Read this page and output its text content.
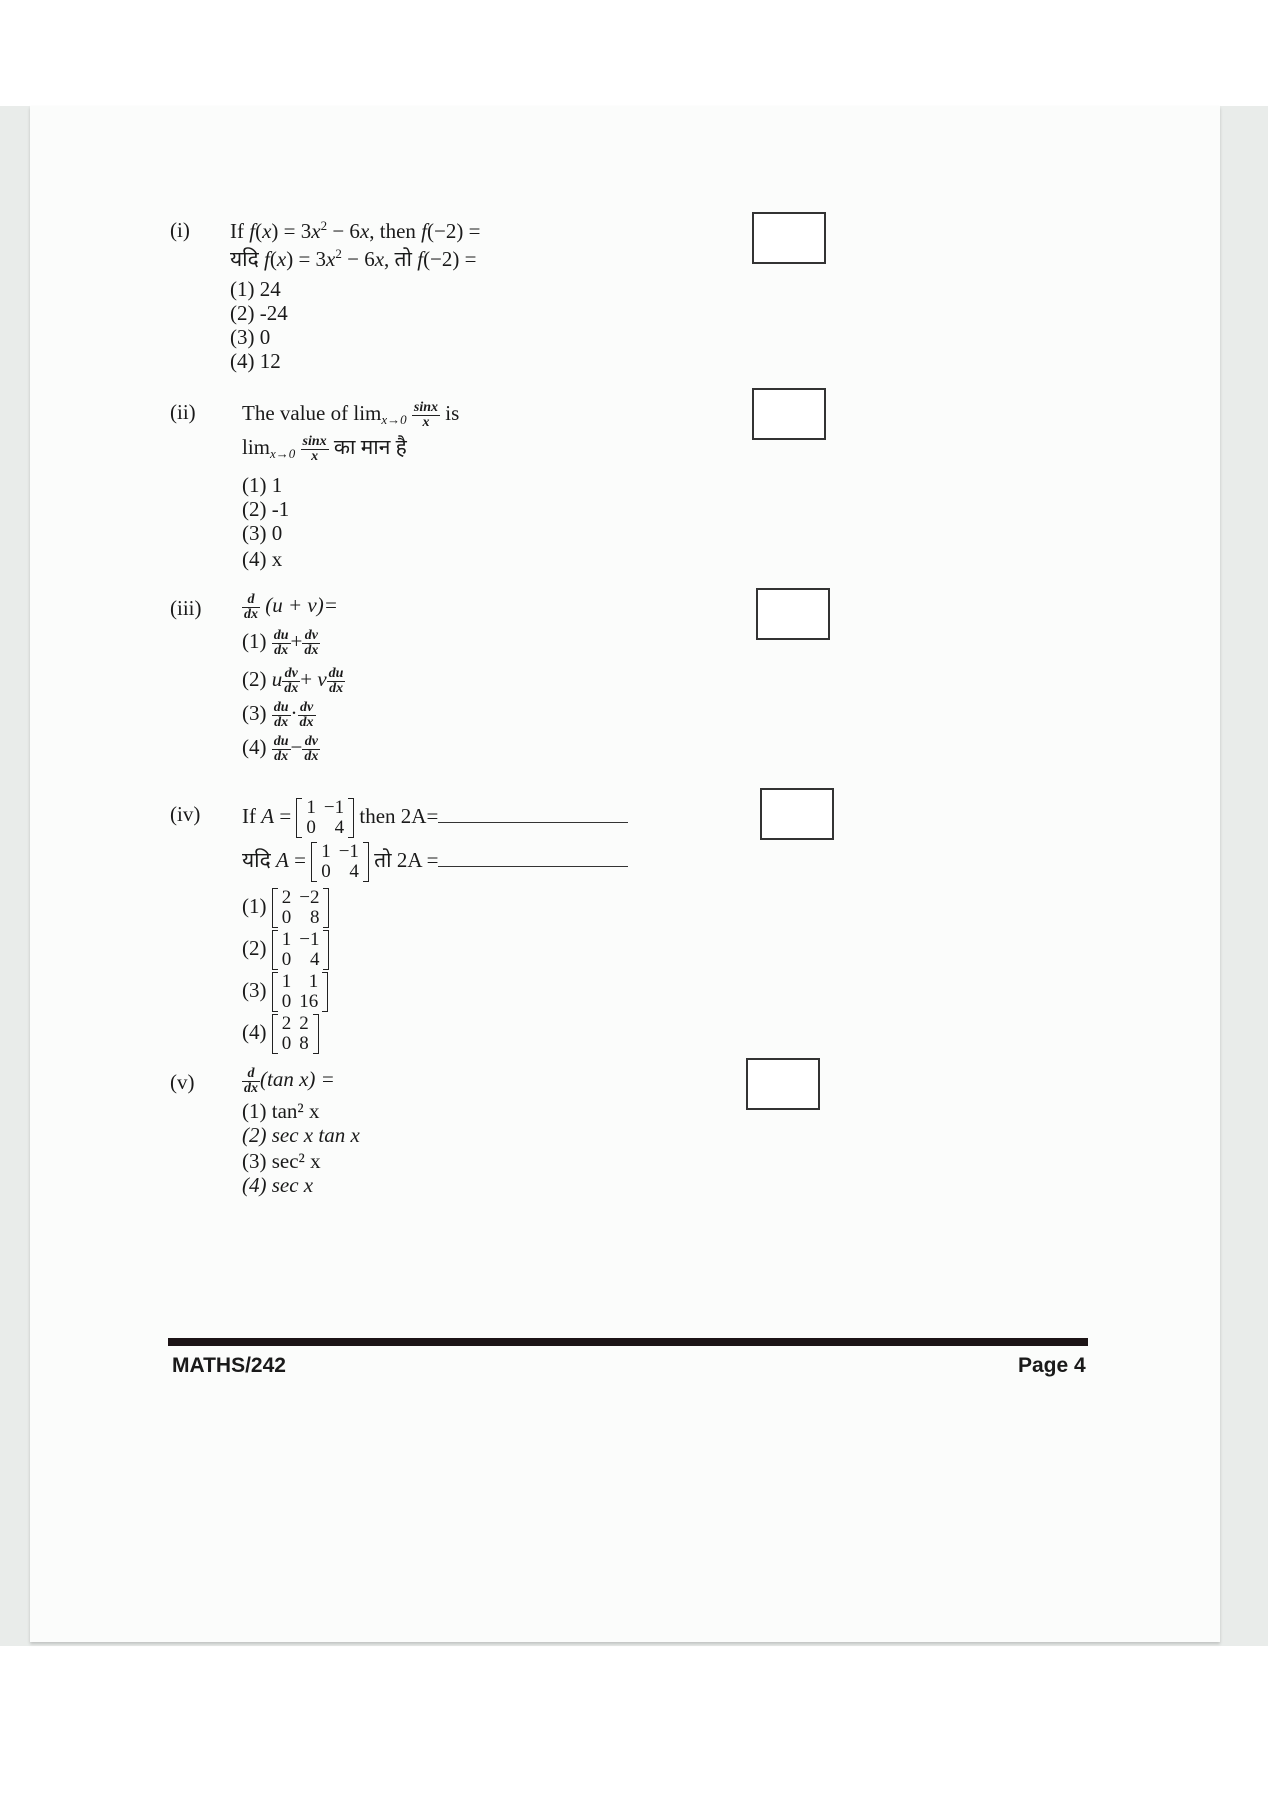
(i) If $f(x) = 3x^2 - 6x$, then f(−2) =
यदि $f(x) = 3x^2 - 6x$, तो f(−2) =
(1) 24
(2) -24
(3) 0
(4) 12
(ii) The value of $\lim_{x\to 0} \frac{\sin x}{x}$ is
$\lim_{x\to 0} \frac{\sin x}{x}$ का मान है
(1) 1
(2) -1
(3) 0
(4) x
(iii)	$\frac{d}{dx} (u + v)=$
$(1) \frac{du}{dx} + \frac{dv}{dx}$
(2) u $\frac{dv}{dx} + v \frac{du}{dx}$
$(3) \frac{du}{dx} \cdot \frac{dv}{dx}$
$(4) \frac{du}{dx} - \frac{dv}{dx}$
(iv) If A = 1	−1
0	4 then 2A=
यदि A = 1	−1
0	4 तो 2A =
(1) 2	−2
0	8
(2) 1	−1
0	4
(3) 1	1
0	16
(4) 2	2
0	8
(v)	$\frac{d}{dx} (\tan$ x) =
(1) tan² x
(2) sec x tan x
(3) sec² x
(4) sec x
MATHS/242	Page 4
